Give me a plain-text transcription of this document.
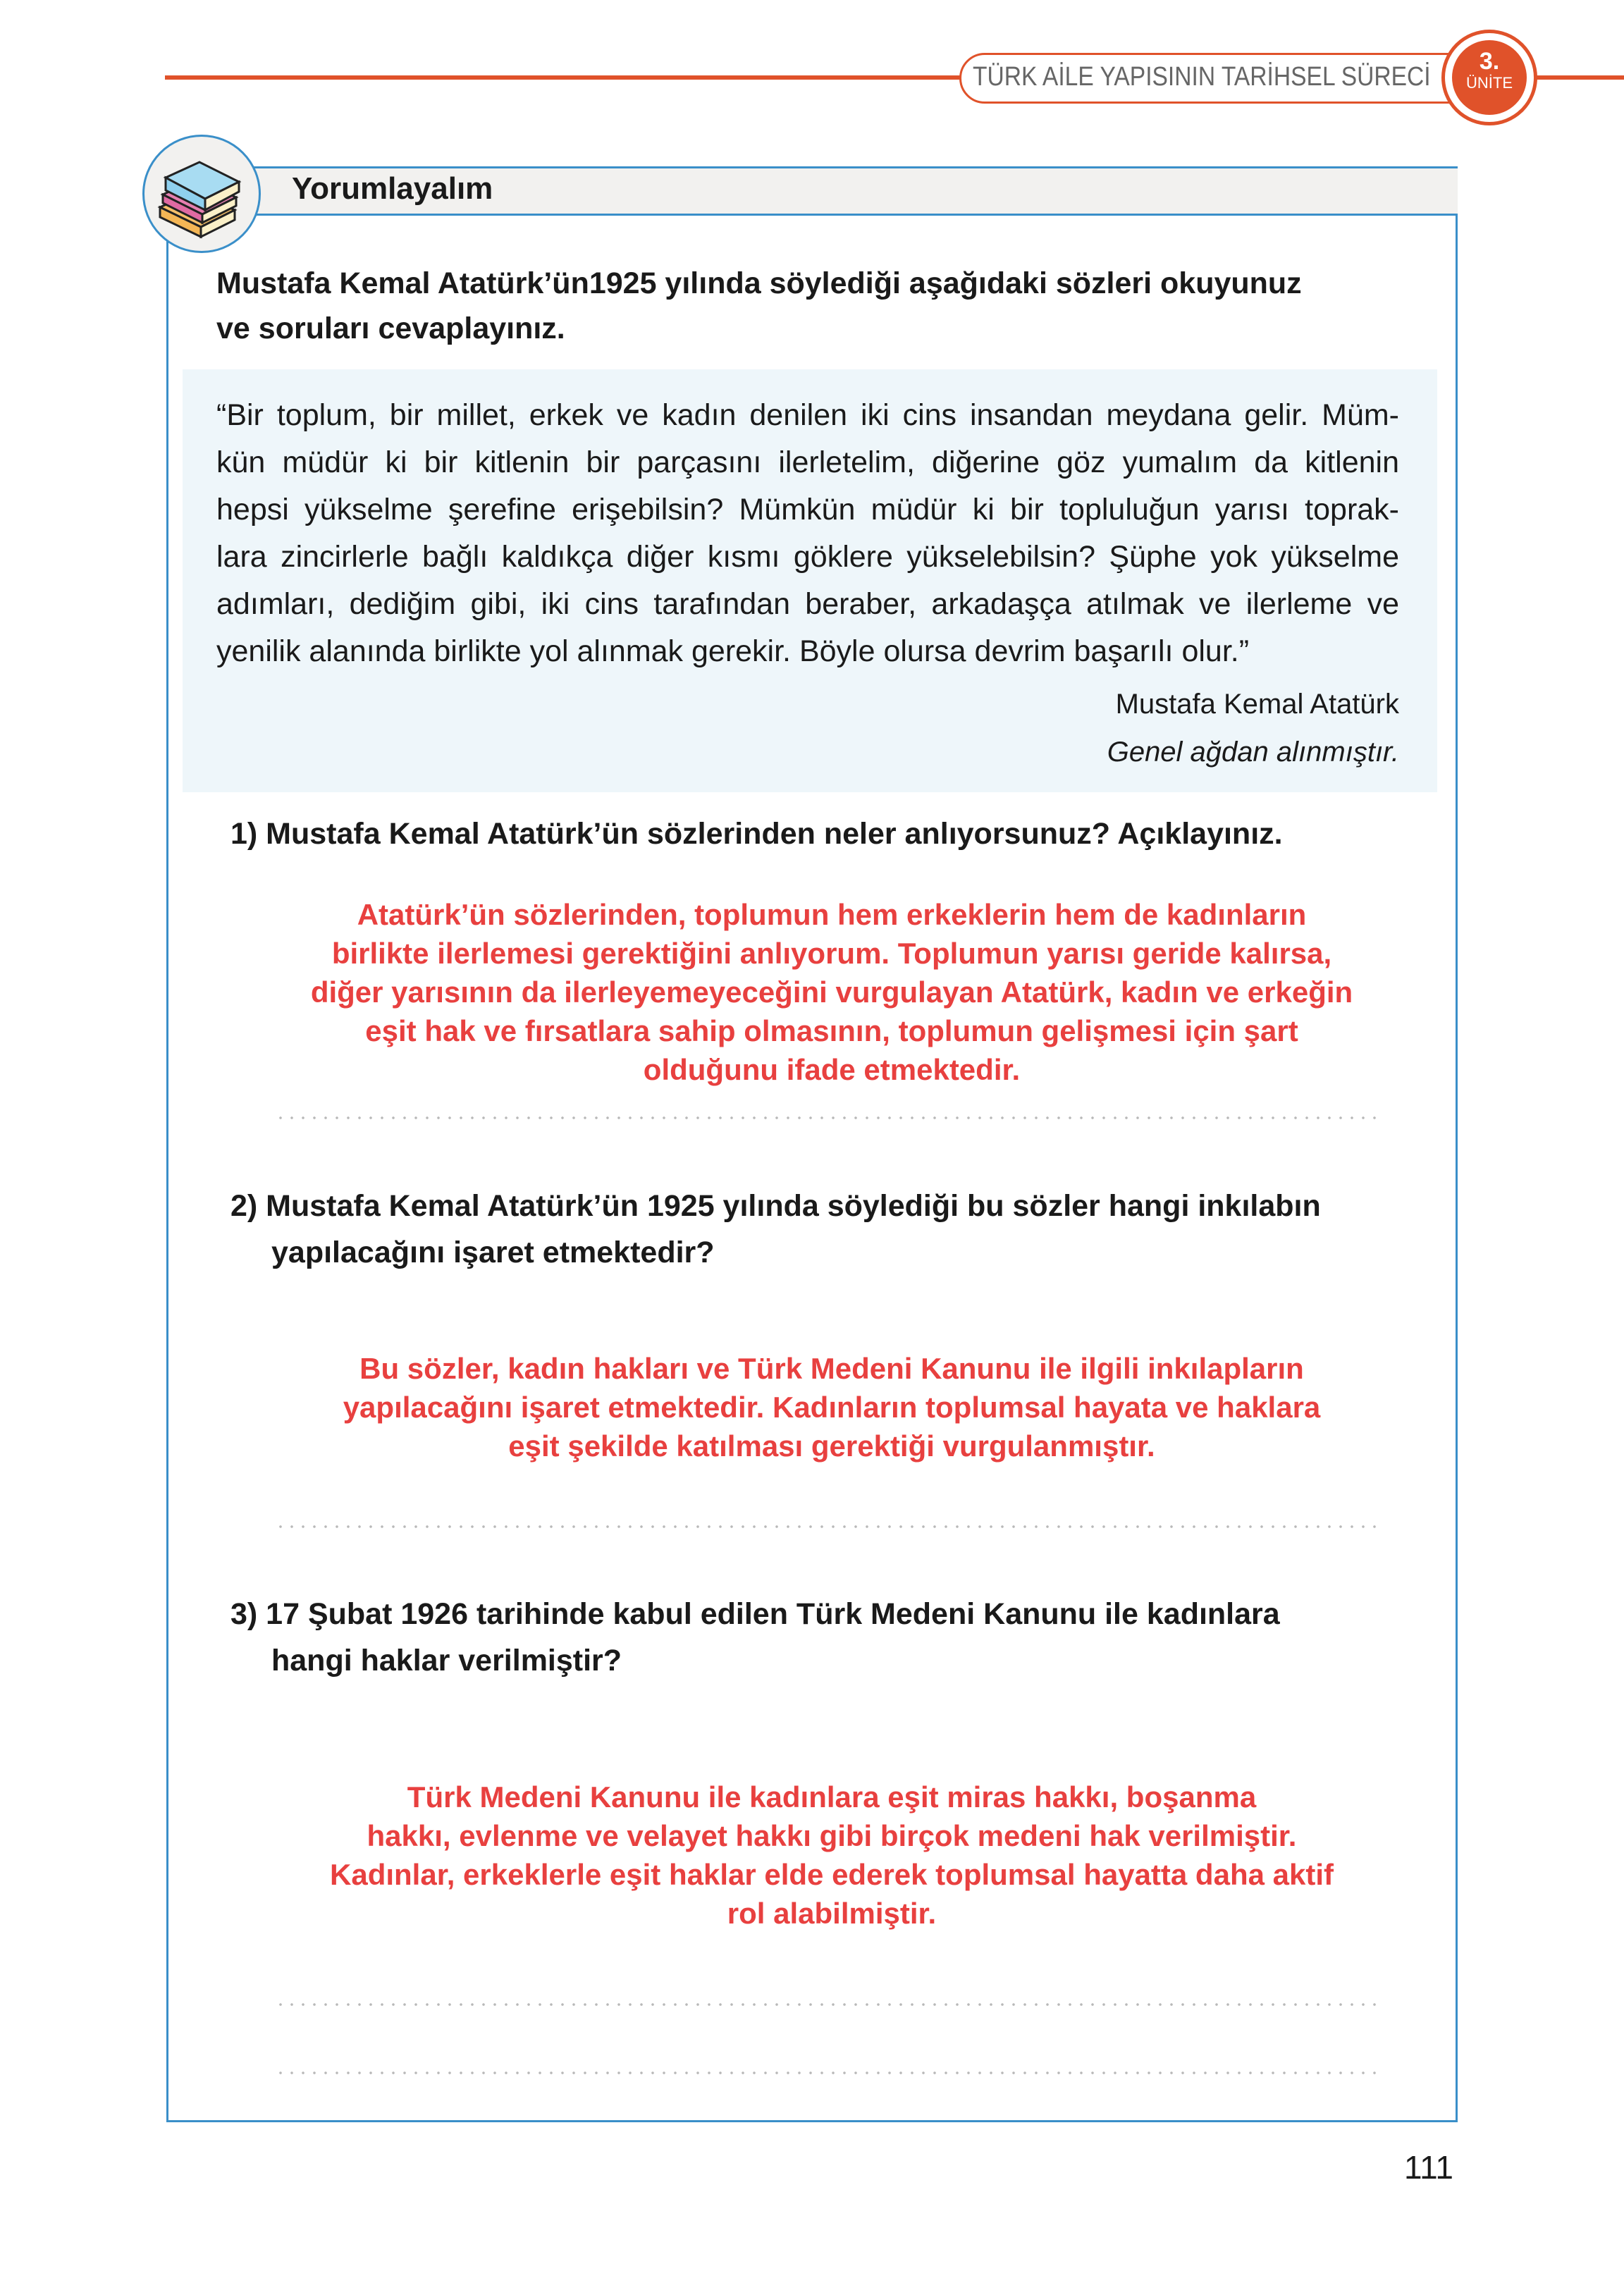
3.
ÜNİTE
TÜRK AİLE YAPISININ TARİHSEL SÜRECİ
Yorumlayalım
Mustafa Kemal Atatürk’ün1925 yılında söylediği aşağıdaki sözleri okuyunuz
ve soruları cevaplayınız.
“Bir toplum, bir millet, erkek ve kadın denilen iki cins insandan meydana gelir. Müm-
kün müdür ki bir kitlenin bir parçasını ilerletelim, diğerine göz yumalım da kitlenin
hepsi yükselme şerefine erişebilsin? Mümkün müdür ki bir topluluğun yarısı toprak-
lara zincirlerle bağlı kaldıkça diğer kısmı göklere yükselebilsin? Şüphe yok yükselme
adımları, dediğim gibi, iki cins tarafından beraber, arkadaşça atılmak ve ilerleme ve
yenilik alanında birlikte yol alınmak gerekir. Böyle olursa devrim başarılı olur.”
Mustafa Kemal Atatürk
Genel ağdan alınmıştır.
1) Mustafa Kemal Atatürk’ün sözlerinden neler anlıyorsunuz? Açıklayınız.
Atatürk’ün sözlerinden, toplumun hem erkeklerin hem de kadınların
birlikte ilerlemesi gerektiğini anlıyorum. Toplumun yarısı geride kalırsa,
diğer yarısının da ilerleyemeyeceğini vurgulayan Atatürk, kadın ve erkeğin
eşit hak ve fırsatlara sahip olmasının, toplumun gelişmesi için şart
olduğunu ifade etmektedir.
2) Mustafa Kemal Atatürk’ün 1925 yılında söylediği bu sözler hangi inkılabın
yapılacağını işaret etmektedir?
Bu sözler, kadın hakları ve Türk Medeni Kanunu ile ilgili inkılapların
yapılacağını işaret etmektedir. Kadınların toplumsal hayata ve haklara
eşit şekilde katılması gerektiği vurgulanmıştır.
3) 17 Şubat 1926 tarihinde kabul edilen Türk Medeni Kanunu ile kadınlara
hangi haklar verilmiştir?
Türk Medeni Kanunu ile kadınlara eşit miras hakkı, boşanma
hakkı, evlenme ve velayet hakkı gibi birçok medeni hak verilmiştir.
Kadınlar, erkeklerle eşit haklar elde ederek toplumsal hayatta daha aktif
rol alabilmiştir.
111
